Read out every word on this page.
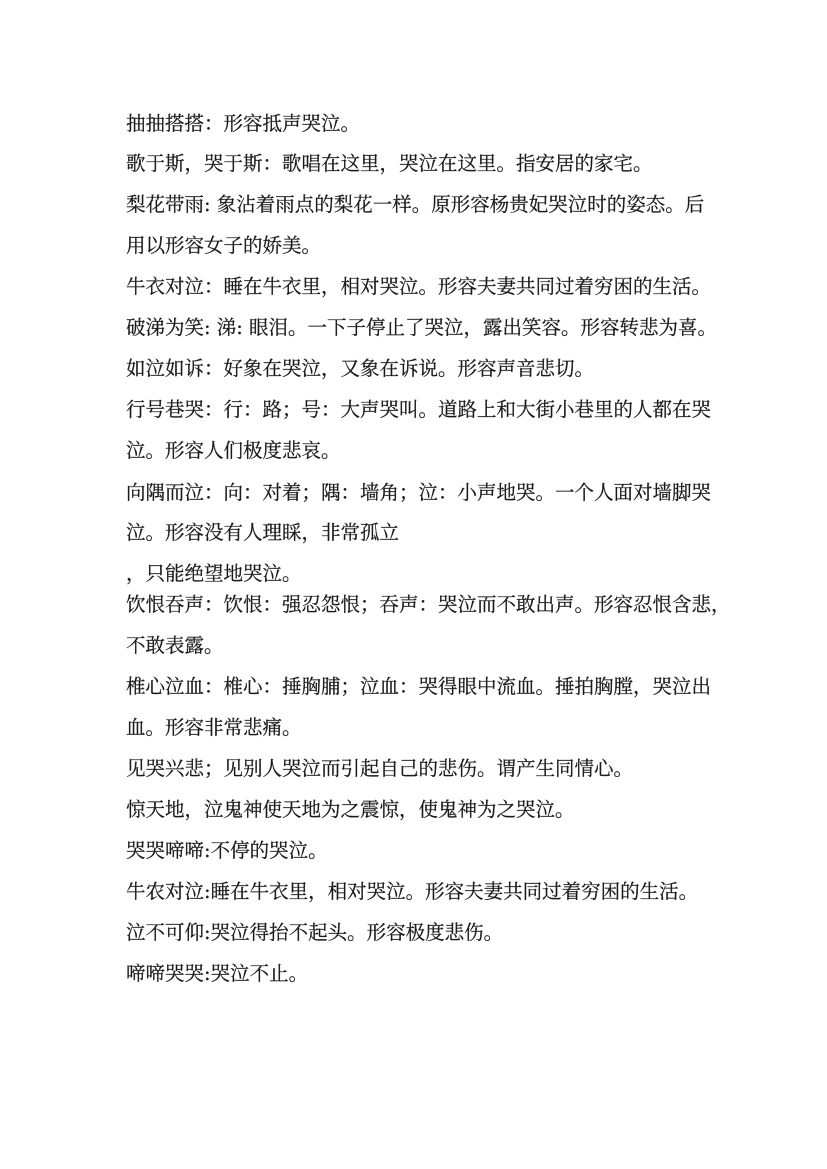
抽抽搭搭：形容抵声哭泣。

歌于斯，哭于斯：歌唱在这里，哭泣在这里。指安居的家宅。

梨花带雨: 象沾着雨点的梨花一样。原形容杨贵妃哭泣时的姿态。后

用以形容女子的娇美。

牛衣对泣：睡在牛衣里，相对哭泣。形容夫妻共同过着穷困的生活。

破涕为笑: 涕: 眼泪。一下子停止了哭泣，露出笑容。形容转悲为喜。

如泣如诉：好象在哭泣，又象在诉说。形容声音悲切。

行号巷哭：行：路；号：大声哭叫。道路上和大街小巷里的人都在哭

泣。形容人们极度悲哀。

向隅而泣：向：对着；隅：墙角；泣：小声地哭。一个人面对墙脚哭

泣。形容没有人理睬，非常孤立

，只能绝望地哭泣。

饮恨吞声：饮恨：强忍怨恨；吞声：哭泣而不敢出声。形容忍恨含悲，

不敢表露。

椎心泣血：椎心：捶胸脯；泣血：哭得眼中流血。捶拍胸膛，哭泣出

血。形容非常悲痛。

见哭兴悲；见别人哭泣而引起自己的悲伤。谓产生同情心。

惊天地，泣鬼神使天地为之震惊，使鬼神为之哭泣。

哭哭啼啼:不停的哭泣。

牛农对泣:睡在牛衣里，相对哭泣。形容夫妻共同过着穷困的生活。

泣不可仰:哭泣得抬不起头。形容极度悲伤。

啼啼哭哭:哭泣不止。
